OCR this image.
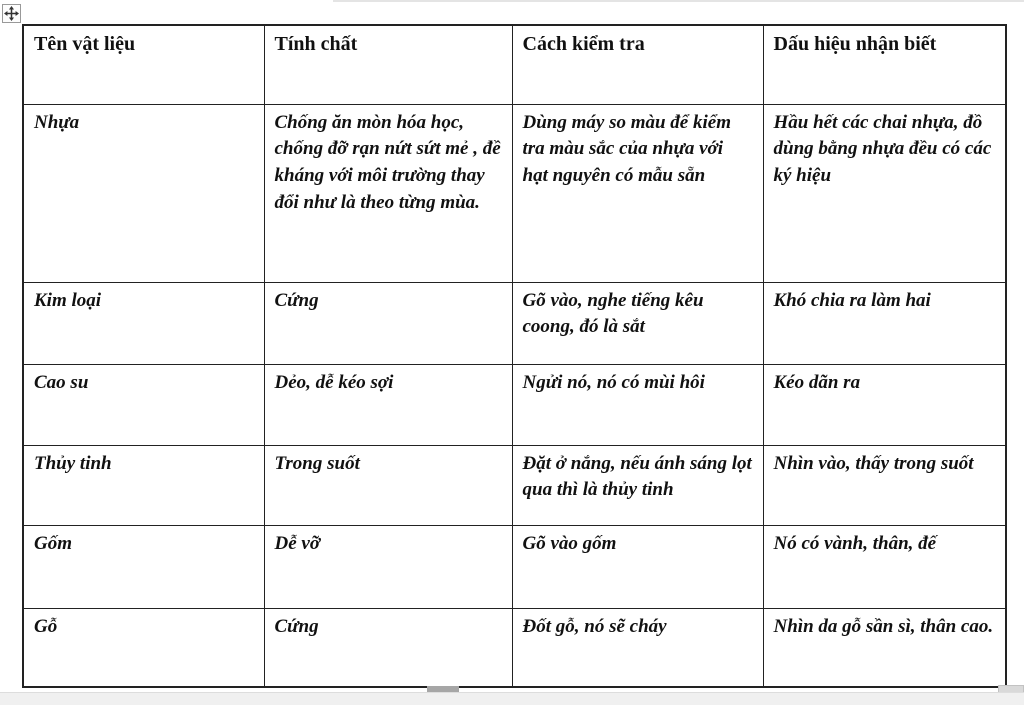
Tên vật liệu	Tính chất	Cách kiểm tra	Dấu hiệu nhận biết
Nhựa	Chống ăn mòn hóa học, chống đỡ rạn nứt sứt mẻ , đề kháng với môi trường thay đổi như là theo từng mùa.	Dùng máy so màu để kiểm tra màu sắc của nhựa với hạt nguyên có mẫu sẵn	Hầu hết các chai nhựa, đồ dùng bằng nhựa đều có các ký hiệu
Kim loại	Cứng	Gõ vào, nghe tiếng kêu coong, đó là sắt	Khó chia ra làm hai
Cao su	Dẻo, dễ kéo sợi	Ngửi nó, nó có mùi hôi	Kéo dãn ra
Thủy tinh	Trong suốt	Đặt ở nắng, nếu ánh sáng lọt qua thì là thủy tinh	Nhìn vào, thấy trong suốt
Gốm	Dễ vỡ	Gõ vào gốm	Nó có vành, thân, đế
Gỗ	Cứng	Đốt gỗ, nó sẽ cháy	Nhìn da gỗ sần sì, thân cao.
